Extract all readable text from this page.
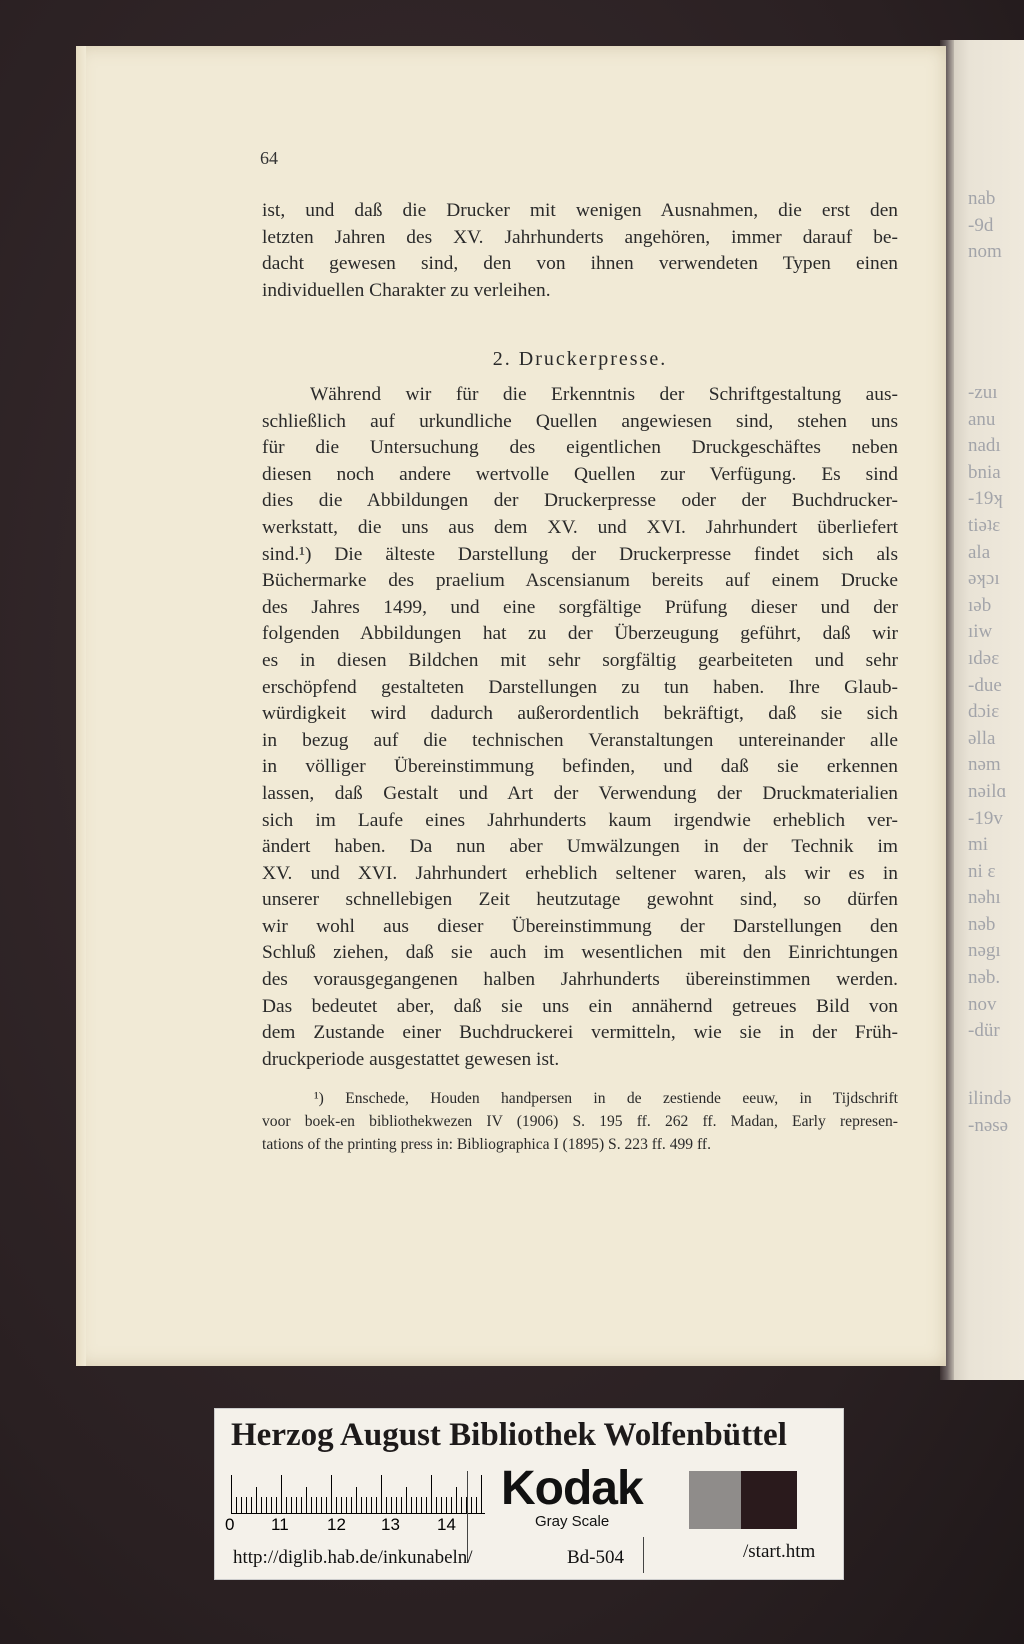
nab
-9d
nom
-zuı
anu
nadı
bnia
-19ʞ
tiəʇɛ
ala
əʞɔı
ıəb
ıiw
ıdəɛ
-due
dɔiɛ
əlla
nəm
nəilɑ
-19v
mi
ni ɛ
nəhı
nəb
nəgı
nəb.
nov
-dür
ilində
-nəsə
64
ist, und daß die Drucker mit wenigen Ausnahmen, die erst den
letzten Jahren des XV. Jahrhunderts angehören, immer darauf be-
dacht gewesen sind, den von ihnen verwendeten Typen einen
individuellen Charakter zu verleihen.
2. Druckerpresse.
Während wir für die Erkenntnis der Schriftgestaltung aus-
schließlich auf urkundliche Quellen angewiesen sind, stehen uns
für die Untersuchung des eigentlichen Druckgeschäftes neben
diesen noch andere wertvolle Quellen zur Verfügung. Es sind
dies die Abbildungen der Druckerpresse oder der Buchdrucker-
werkstatt, die uns aus dem XV. und XVI. Jahrhundert überliefert
sind.¹) Die älteste Darstellung der Druckerpresse findet sich als
Büchermarke des praelium Ascensianum bereits auf einem Drucke
des Jahres 1499, und eine sorgfältige Prüfung dieser und der
folgenden Abbildungen hat zu der Überzeugung geführt, daß wir
es in diesen Bildchen mit sehr sorgfältig gearbeiteten und sehr
erschöpfend gestalteten Darstellungen zu tun haben. Ihre Glaub-
würdigkeit wird dadurch außerordentlich bekräftigt, daß sie sich
in bezug auf die technischen Veranstaltungen untereinander alle
in völliger Übereinstimmung befinden, und daß sie erkennen
lassen, daß Gestalt und Art der Verwendung der Druckmaterialien
sich im Laufe eines Jahrhunderts kaum irgendwie erheblich ver-
ändert haben. Da nun aber Umwälzungen in der Technik im
XV. und XVI. Jahrhundert erheblich seltener waren, als wir es in
unserer schnellebigen Zeit heutzutage gewohnt sind, so dürfen
wir wohl aus dieser Übereinstimmung der Darstellungen den
Schluß ziehen, daß sie auch im wesentlichen mit den Einrichtungen
des vorausgegangenen halben Jahrhunderts übereinstimmen werden.
Das bedeutet aber, daß sie uns ein annähernd getreues Bild von
dem Zustande einer Buchdruckerei vermitteln, wie sie in der Früh-
druckperiode ausgestattet gewesen ist.
¹) Enschede, Houden handpersen in de zestiende eeuw, in Tijdschrift
voor boek-en bibliothekwezen IV (1906) S. 195 ff. 262 ff. Madan, Early represen-
tations of the printing press in: Bibliographica I (1895) S. 223 ff. 499 ff.
Herzog August Bibliothek Wolfenbüttel
0 11 12 13 14
Kodak
Gray Scale
http://diglib.hab.de/inkunabeln/	Bd-504	/start.htm
